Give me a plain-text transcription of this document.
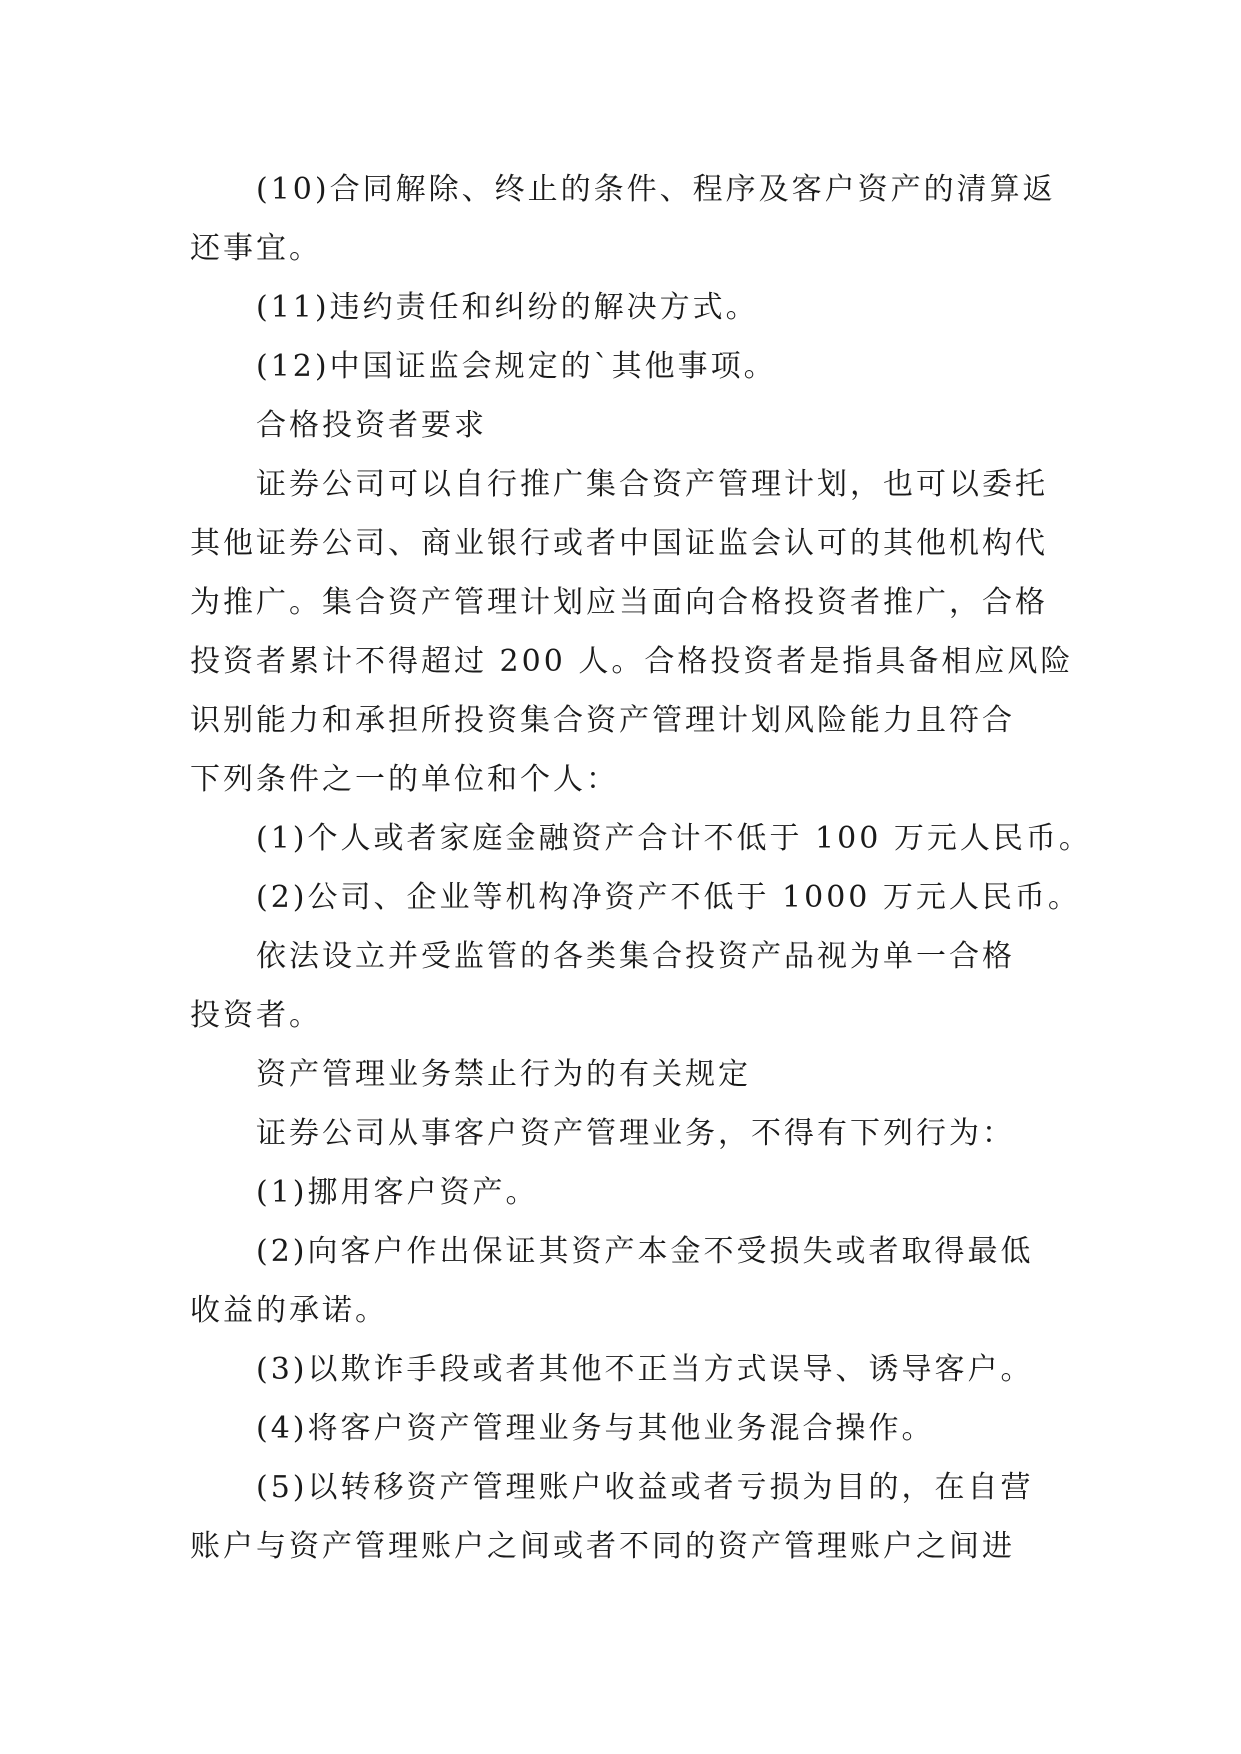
(10)合同解除、终止的条件、程序及客户资产的清算返
还事宜。
(11)违约责任和纠纷的解决方式。
(12)中国证监会规定的`其他事项。
合格投资者要求
证券公司可以自行推广集合资产管理计划，也可以委托
其他证券公司、商业银行或者中国证监会认可的其他机构代
为推广。集合资产管理计划应当面向合格投资者推广，合格
投资者累计不得超过 200 人。合格投资者是指具备相应风险
识别能力和承担所投资集合资产管理计划风险能力且符合
下列条件之一的单位和个人：
(1)个人或者家庭金融资产合计不低于 100 万元人民币。
(2)公司、企业等机构净资产不低于 1000 万元人民币。
依法设立并受监管的各类集合投资产品视为单一合格
投资者。
资产管理业务禁止行为的有关规定
证券公司从事客户资产管理业务，不得有下列行为：
(1)挪用客户资产。
(2)向客户作出保证其资产本金不受损失或者取得最低
收益的承诺。
(3)以欺诈手段或者其他不正当方式误导、诱导客户。
(4)将客户资产管理业务与其他业务混合操作。
(5)以转移资产管理账户收益或者亏损为目的，在自营
账户与资产管理账户之间或者不同的资产管理账户之间进
